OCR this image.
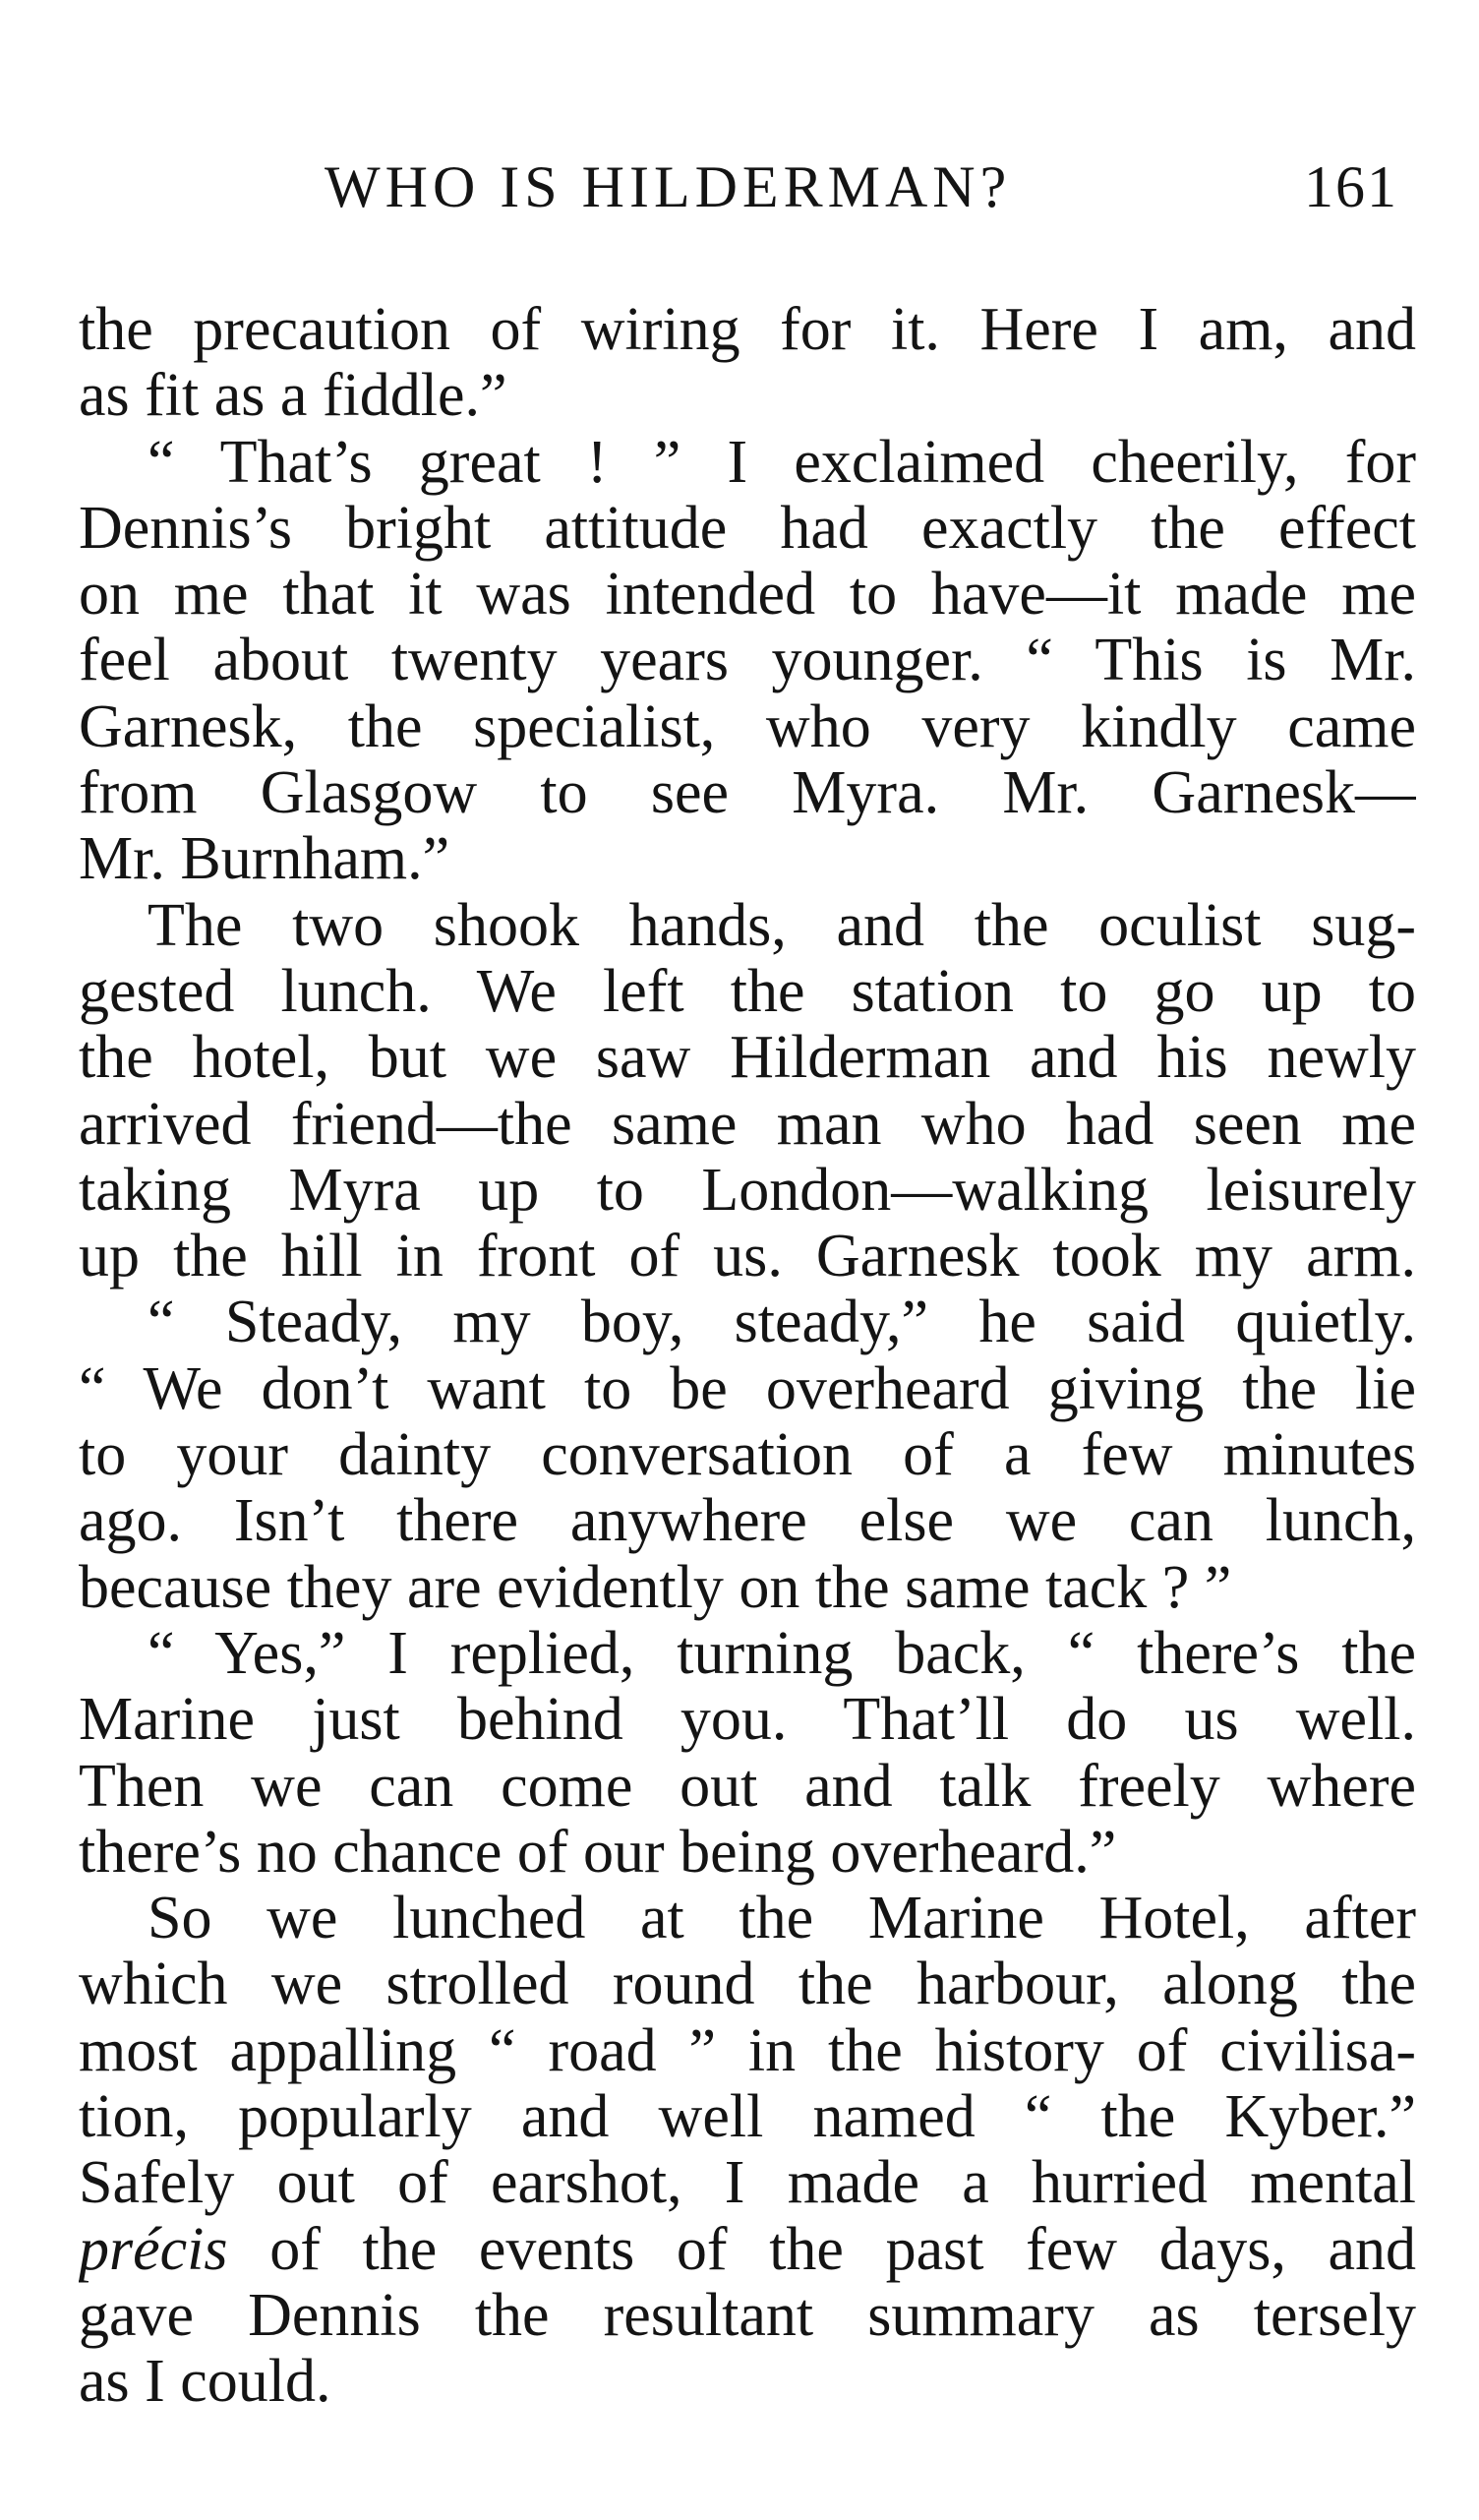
WHO IS HILDERMAN?	161
the precaution of wiring for it. Here I am, and
as fit as a fiddle.”
“ That’s great ! ” I exclaimed cheerily, for
Dennis’s bright attitude had exactly the effect
on me that it was intended to have—it made me
feel about twenty years younger. “ This is Mr.
Garnesk, the specialist, who very kindly came
from Glasgow to see Myra. Mr. Garnesk—
Mr. Burnham.”
The two shook hands, and the oculist sug-
gested lunch. We left the station to go up to
the hotel, but we saw Hilderman and his newly
arrived friend—the same man who had seen me
taking Myra up to London—walking leisurely
up the hill in front of us. Garnesk took my arm.
“ Steady, my boy, steady,” he said quietly.
“ We don’t want to be overheard giving the lie
to your dainty conversation of a few minutes
ago. Isn’t there anywhere else we can lunch,
because they are evidently on the same tack ? ”
“ Yes,” I replied, turning back, “ there’s the
Marine just behind you. That’ll do us well.
Then we can come out and talk freely where
there’s no chance of our being overheard.”
So we lunched at the Marine Hotel, after
which we strolled round the harbour, along the
most appalling “ road ” in the history of civilisa-
tion, popularly and well named “ the Kyber.”
Safely out of earshot, I made a hurried mental
précis of the events of the past few days, and
gave Dennis the resultant summary as tersely
as I could.
